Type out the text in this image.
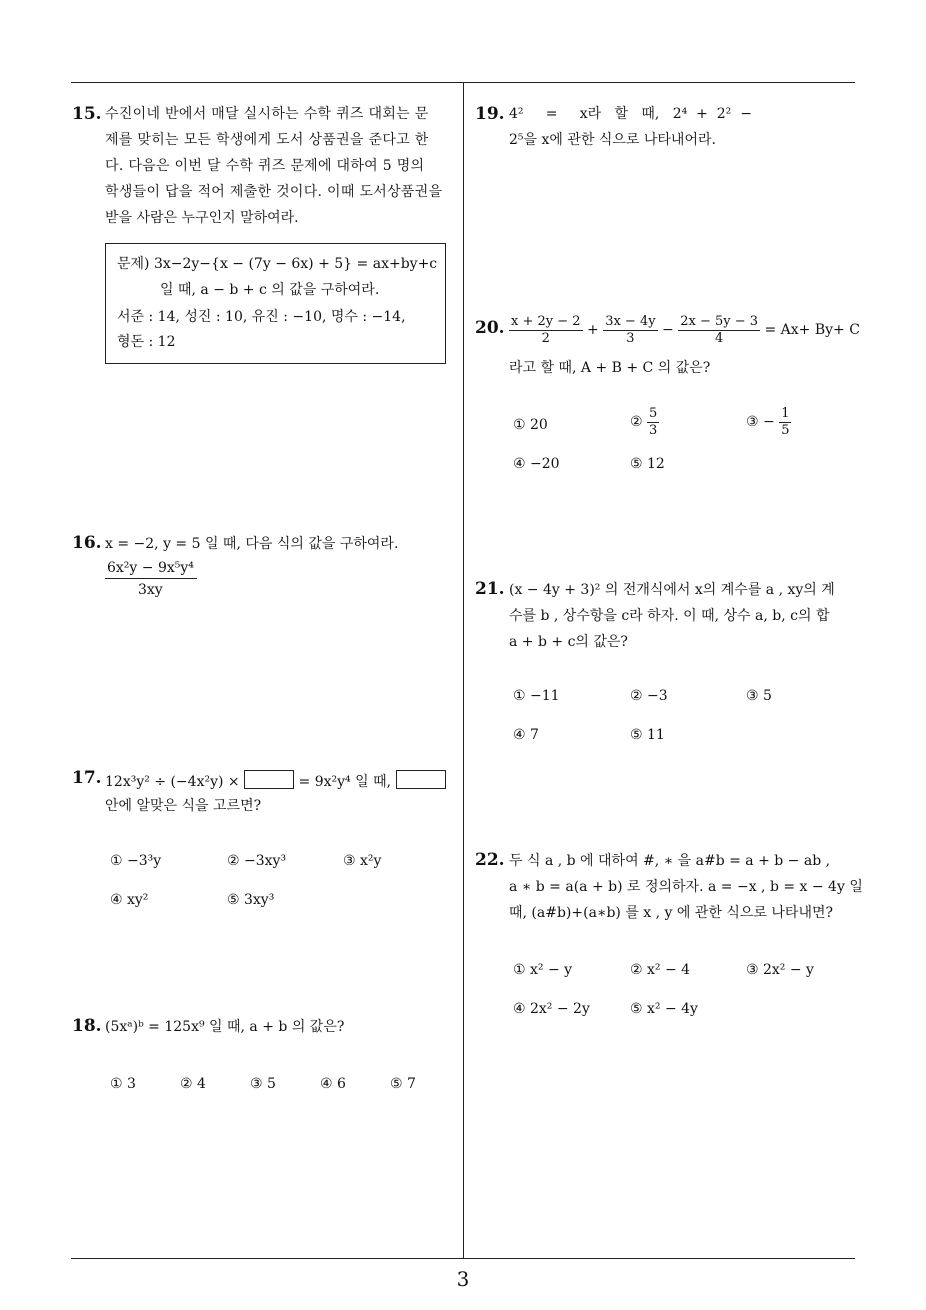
3
15. 수진이네 반에서 매달 실시하는 수학 퀴즈 대회는 문
제를 맞히는 모든 학생에게 도서 상품권을 준다고 한
다. 다음은 이번 달 수학 퀴즈 문제에 대하여 5 명의
학생들이 답을 적어 제출한 것이다. 이때 도서상품권을
받을 사람은 누구인지 말하여라.
문제) 3x−2y−{x − (7y − 6x) + 5} = ax+by+c
일 때, a − b + c 의 값을 구하여라.
서준 : 14, 성진 : 10, 유진 : −10, 명수 : −14,
형돈 : 12
16. x = −2, y = 5 일 때, 다음 식의 값을 구하여라.
6x²y − 9x⁵y⁴
3xy
17. 12x³y² ÷ (−4x²y) ×	= 9x²y⁴ 일 때,
안에 알맞은 식을 고르면?
① −3³y	② −3xy³	③ x²y
④ xy²	⑤ 3xy³
18. (5xᵃ)ᵇ = 125x⁹ 일 때, a + b 의 값은?
① 3	② 4	③ 5	④ 6	⑤ 7
19. 4²     =     x라   할   때,   2⁴  +  2²  −
2⁵을 x에 관한 식으로 나타내어라.
20. $\frac{x + 2y - 2}{2} + \frac{3x - 4y}{3} - \frac{2x - 5y - 3}{4} = Ax+ By+ C$
라고 할 때, A + B + C 의 값은?
① 20	② $\frac{5}{3}$	③ − $\frac{1}{5}$
④ −20	⑤ 12
21. (x − 4y + 3)² 의 전개식에서 x의 계수를 a , xy의 계
수를 b , 상수항을 c라 하자. 이 때, 상수 a, b, c의 합
a + b + c의 값은?
① −11	② −3	③ 5
④ 7	⑤ 11
22. 두 식 a , b 에 대하여 #, ∗ 을 a#b = a + b − ab ,
a ∗ b = a(a + b) 로 정의하자. a = −x , b = x − 4y 일
때, (a#b)+(a∗b) 를 x , y 에 관한 식으로 나타내면?
① x² − y	② x² − 4	③ 2x² − y
④ 2x² − 2y	⑤ x² − 4y
